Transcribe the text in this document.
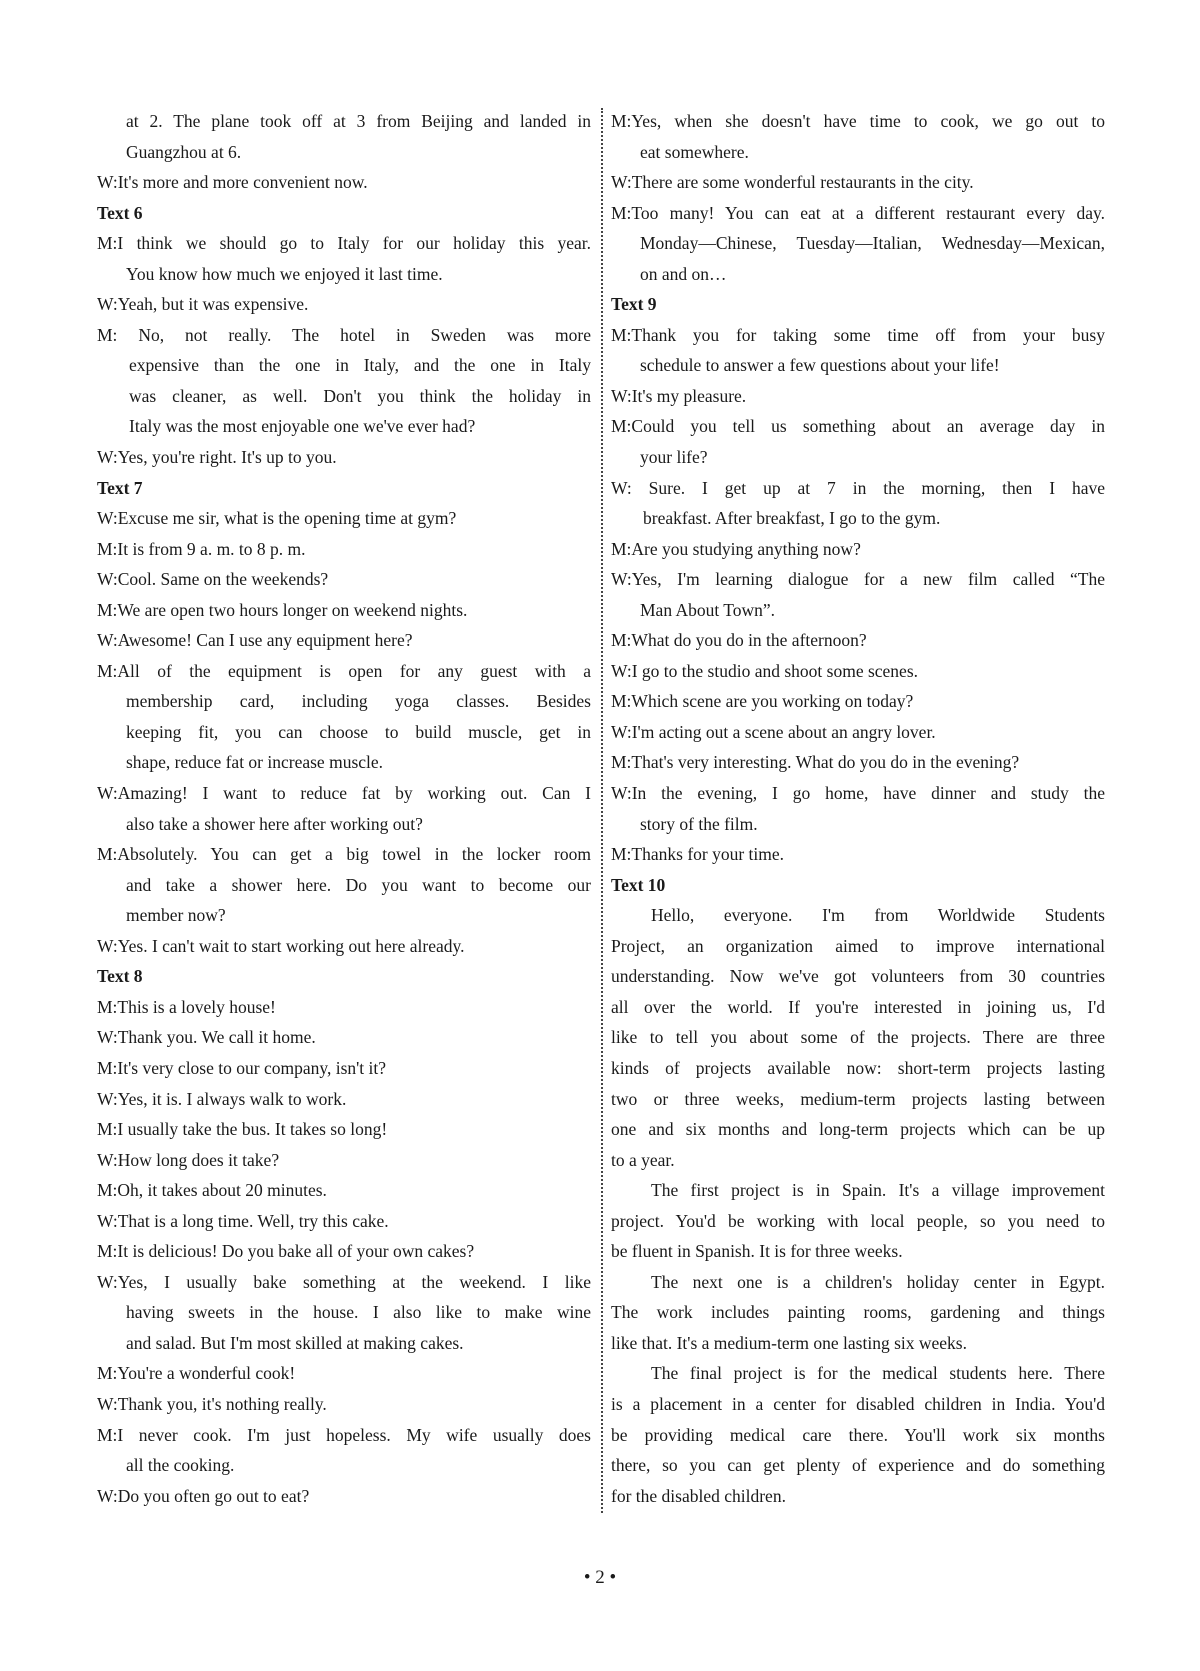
at 2. The plane took off at 3 from Beijing and landed in
Guangzhou at 6.
W:It's more and more convenient now.
Text 6
M:I think we should go to Italy for our holiday this year.
You know how much we enjoyed it last time.
W:Yeah, but it was expensive.
M: No, not really. The hotel in Sweden was more
expensive than the one in Italy, and the one in Italy
was cleaner, as well. Don't you think the holiday in
Italy was the most enjoyable one we've ever had?
W:Yes, you're right. It's up to you.
Text 7
W:Excuse me sir, what is the opening time at gym?
M:It is from 9 a. m. to 8 p. m.
W:Cool. Same on the weekends?
M:We are open two hours longer on weekend nights.
W:Awesome! Can I use any equipment here?
M:All of the equipment is open for any guest with a
membership card, including yoga classes. Besides
keeping fit, you can choose to build muscle, get in
shape, reduce fat or increase muscle.
W:Amazing! I want to reduce fat by working out. Can I
also take a shower here after working out?
M:Absolutely. You can get a big towel in the locker room
and take a shower here. Do you want to become our
member now?
W:Yes. I can't wait to start working out here already.
Text 8
M:This is a lovely house!
W:Thank you. We call it home.
M:It's very close to our company, isn't it?
W:Yes, it is. I always walk to work.
M:I usually take the bus. It takes so long!
W:How long does it take?
M:Oh, it takes about 20 minutes.
W:That is a long time. Well, try this cake.
M:It is delicious! Do you bake all of your own cakes?
W:Yes, I usually bake something at the weekend. I like
having sweets in the house. I also like to make wine
and salad. But I'm most skilled at making cakes.
M:You're a wonderful cook!
W:Thank you, it's nothing really.
M:I never cook. I'm just hopeless. My wife usually does
all the cooking.
W:Do you often go out to eat?
M:Yes, when she doesn't have time to cook, we go out to
eat somewhere.
W:There are some wonderful restaurants in the city.
M:Too many! You can eat at a different restaurant every day.
Monday—Chinese, Tuesday—Italian, Wednesday—Mexican,
on and on…
Text 9
M:Thank you for taking some time off from your busy
schedule to answer a few questions about your life!
W:It's my pleasure.
M:Could you tell us something about an average day in
your life?
W: Sure. I get up at 7 in the morning, then I have
breakfast. After breakfast, I go to the gym.
M:Are you studying anything now?
W:Yes, I'm learning dialogue for a new film called “The
Man About Town”.
M:What do you do in the afternoon?
W:I go to the studio and shoot some scenes.
M:Which scene are you working on today?
W:I'm acting out a scene about an angry lover.
M:That's very interesting. What do you do in the evening?
W:In the evening, I go home, have dinner and study the
story of the film.
M:Thanks for your time.
Text 10
Hello, everyone. I'm from Worldwide Students
Project, an organization aimed to improve international
understanding. Now we've got volunteers from 30 countries
all over the world. If you're interested in joining us, I'd
like to tell you about some of the projects. There are three
kinds of projects available now: short-term projects lasting
two or three weeks, medium-term projects lasting between
one and six months and long-term projects which can be up
to a year.
The first project is in Spain. It's a village improvement
project. You'd be working with local people, so you need to
be fluent in Spanish. It is for three weeks.
The next one is a children's holiday center in Egypt.
The work includes painting rooms, gardening and things
like that. It's a medium-term one lasting six weeks.
The final project is for the medical students here. There
is a placement in a center for disabled children in India. You'd
be providing medical care there. You'll work six months
there, so you can get plenty of experience and do something
for the disabled children.
• 2 •
